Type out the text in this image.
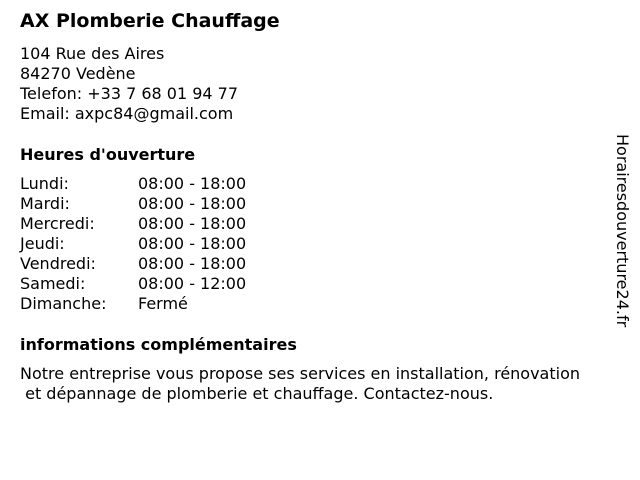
AX Plomberie Chauffage
104 Rue des Aires
84270 Vedène
Telefon: +33 7 68 01 94 77
Email: axpc84@gmail.com
Heures d'ouverture
Lundi:	08:00 - 18:00
Mardi:	08:00 - 18:00
Mercredi:	08:00 - 18:00
Jeudi:	08:00 - 18:00
Vendredi:	08:00 - 18:00
Samedi:	08:00 - 12:00
Dimanche: Fermé
informations complémentaires
Notre entreprise vous propose ses services en installation, rénovation
et dépannage de plomberie et chauffage. Contactez-nous.
Horairesdouverture24.fr
